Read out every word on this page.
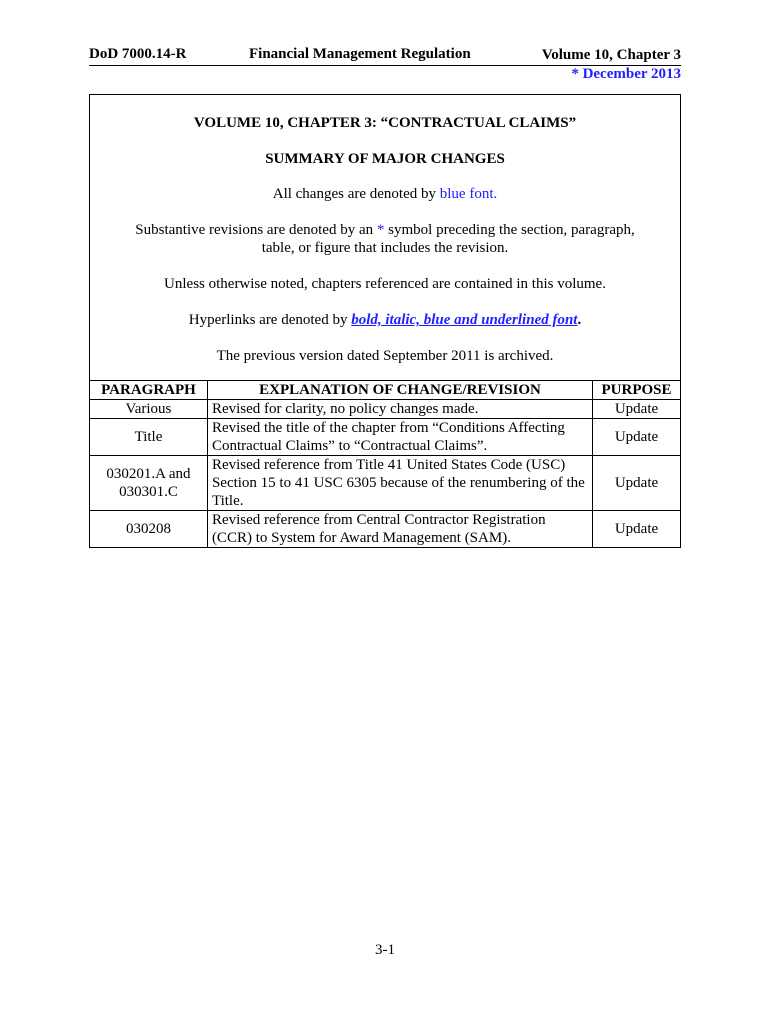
DoD 7000.14-R	Financial Management Regulation	Volume 10, Chapter 3
* December 2013

VOLUME 10, CHAPTER 3: “CONTRACTUAL CLAIMS”

SUMMARY OF MAJOR CHANGES

All changes are denoted by blue font.

Substantive revisions are denoted by an * symbol preceding the section, paragraph,

table, or figure that includes the revision.

Unless otherwise noted, chapters referenced are contained in this volume.

Hyperlinks are denoted by bold, italic, blue and underlined font.

The previous version dated September 2011 is archived.

PARAGRAPH	EXPLANATION OF CHANGE/REVISION	PURPOSE
Various	Revised for clarity, no policy changes made.	Update
Title	Revised the title of the chapter from “Conditions Affecting Contractual Claims” to “Contractual Claims”.	Update
030201.A and 030301.C	Revised reference from Title 41 United States Code (USC) Section 15 to 41 USC 6305 because of the renumbering of the Title.	Update
030208	Revised reference from Central Contractor Registration (CCR) to System for Award Management (SAM).	Update
3-1
